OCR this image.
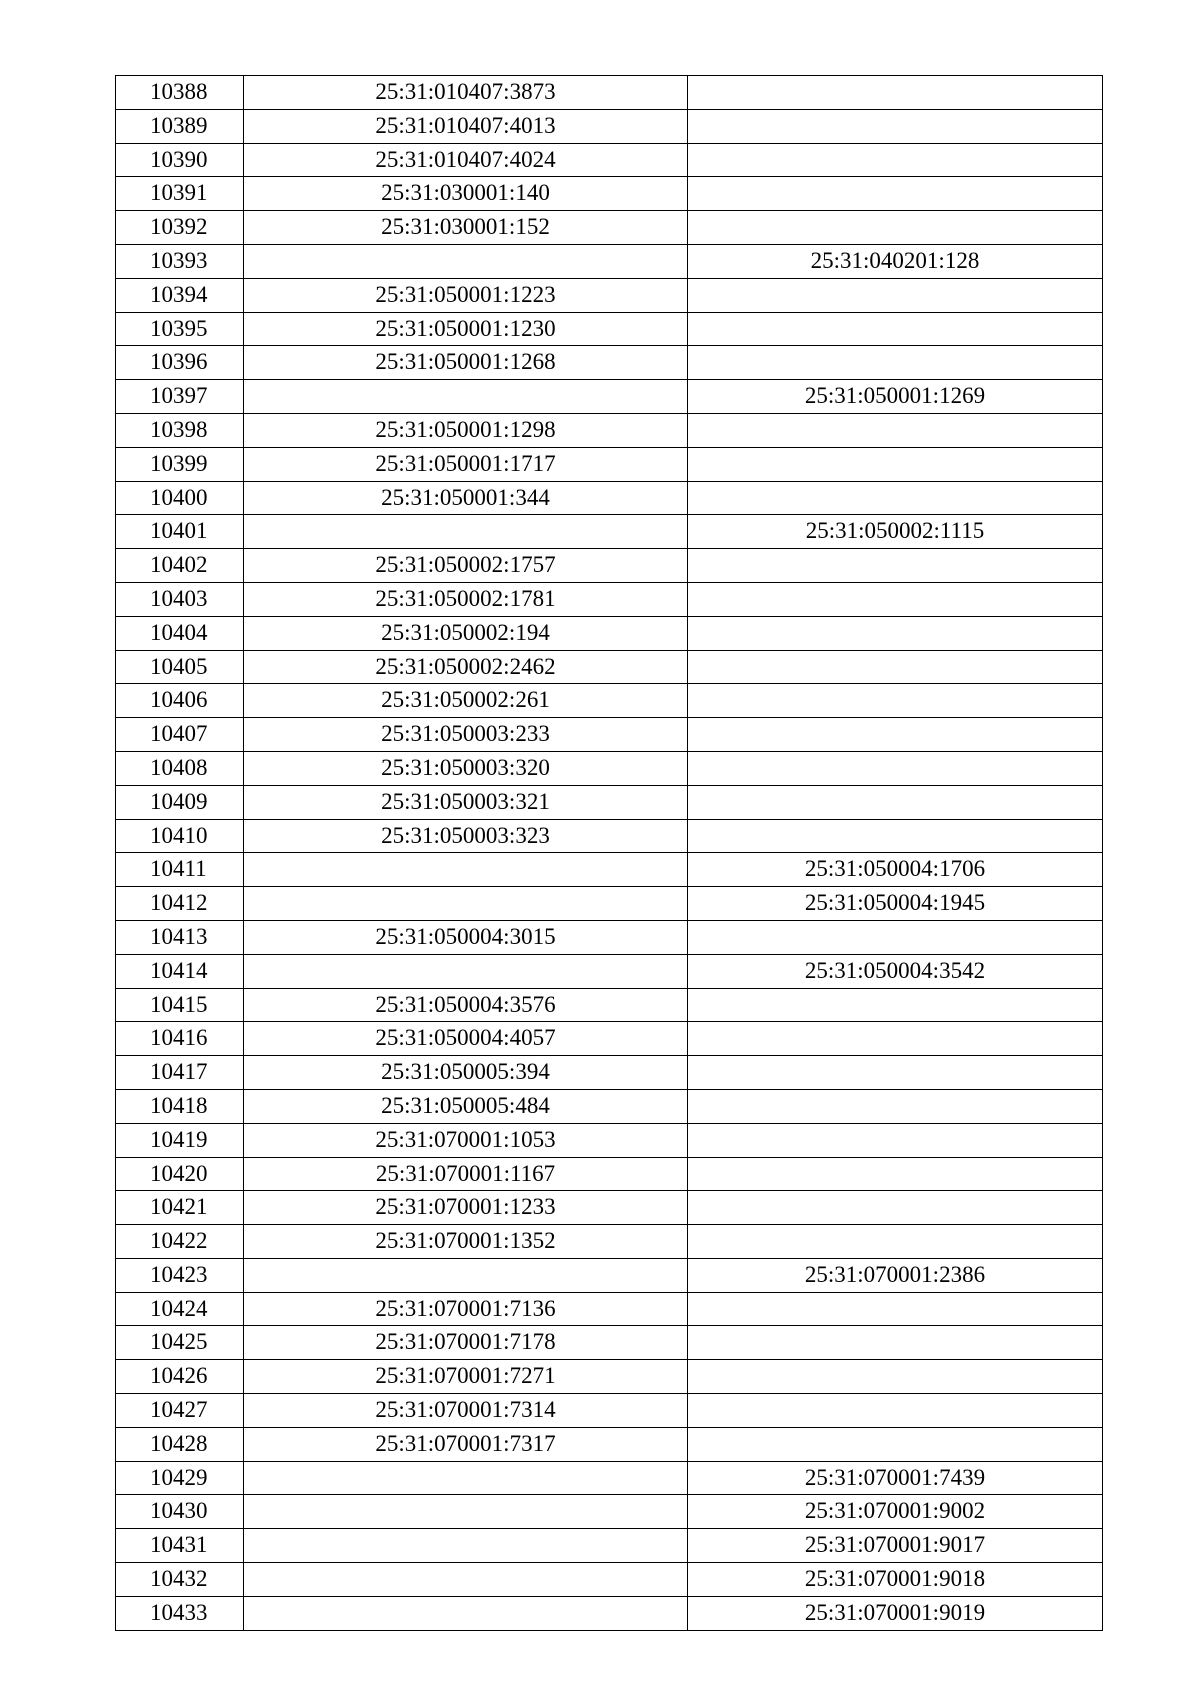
10388	25:31:010407:3873	
10389	25:31:010407:4013	
10390	25:31:010407:4024	
10391	25:31:030001:140	
10392	25:31:030001:152	
10393		25:31:040201:128
10394	25:31:050001:1223	
10395	25:31:050001:1230	
10396	25:31:050001:1268	
10397		25:31:050001:1269
10398	25:31:050001:1298	
10399	25:31:050001:1717	
10400	25:31:050001:344	
10401		25:31:050002:1115
10402	25:31:050002:1757	
10403	25:31:050002:1781	
10404	25:31:050002:194	
10405	25:31:050002:2462	
10406	25:31:050002:261	
10407	25:31:050003:233	
10408	25:31:050003:320	
10409	25:31:050003:321	
10410	25:31:050003:323	
10411		25:31:050004:1706
10412		25:31:050004:1945
10413	25:31:050004:3015	
10414		25:31:050004:3542
10415	25:31:050004:3576	
10416	25:31:050004:4057	
10417	25:31:050005:394	
10418	25:31:050005:484	
10419	25:31:070001:1053	
10420	25:31:070001:1167	
10421	25:31:070001:1233	
10422	25:31:070001:1352	
10423		25:31:070001:2386
10424	25:31:070001:7136	
10425	25:31:070001:7178	
10426	25:31:070001:7271	
10427	25:31:070001:7314	
10428	25:31:070001:7317	
10429		25:31:070001:7439
10430		25:31:070001:9002
10431		25:31:070001:9017
10432		25:31:070001:9018
10433		25:31:070001:9019
